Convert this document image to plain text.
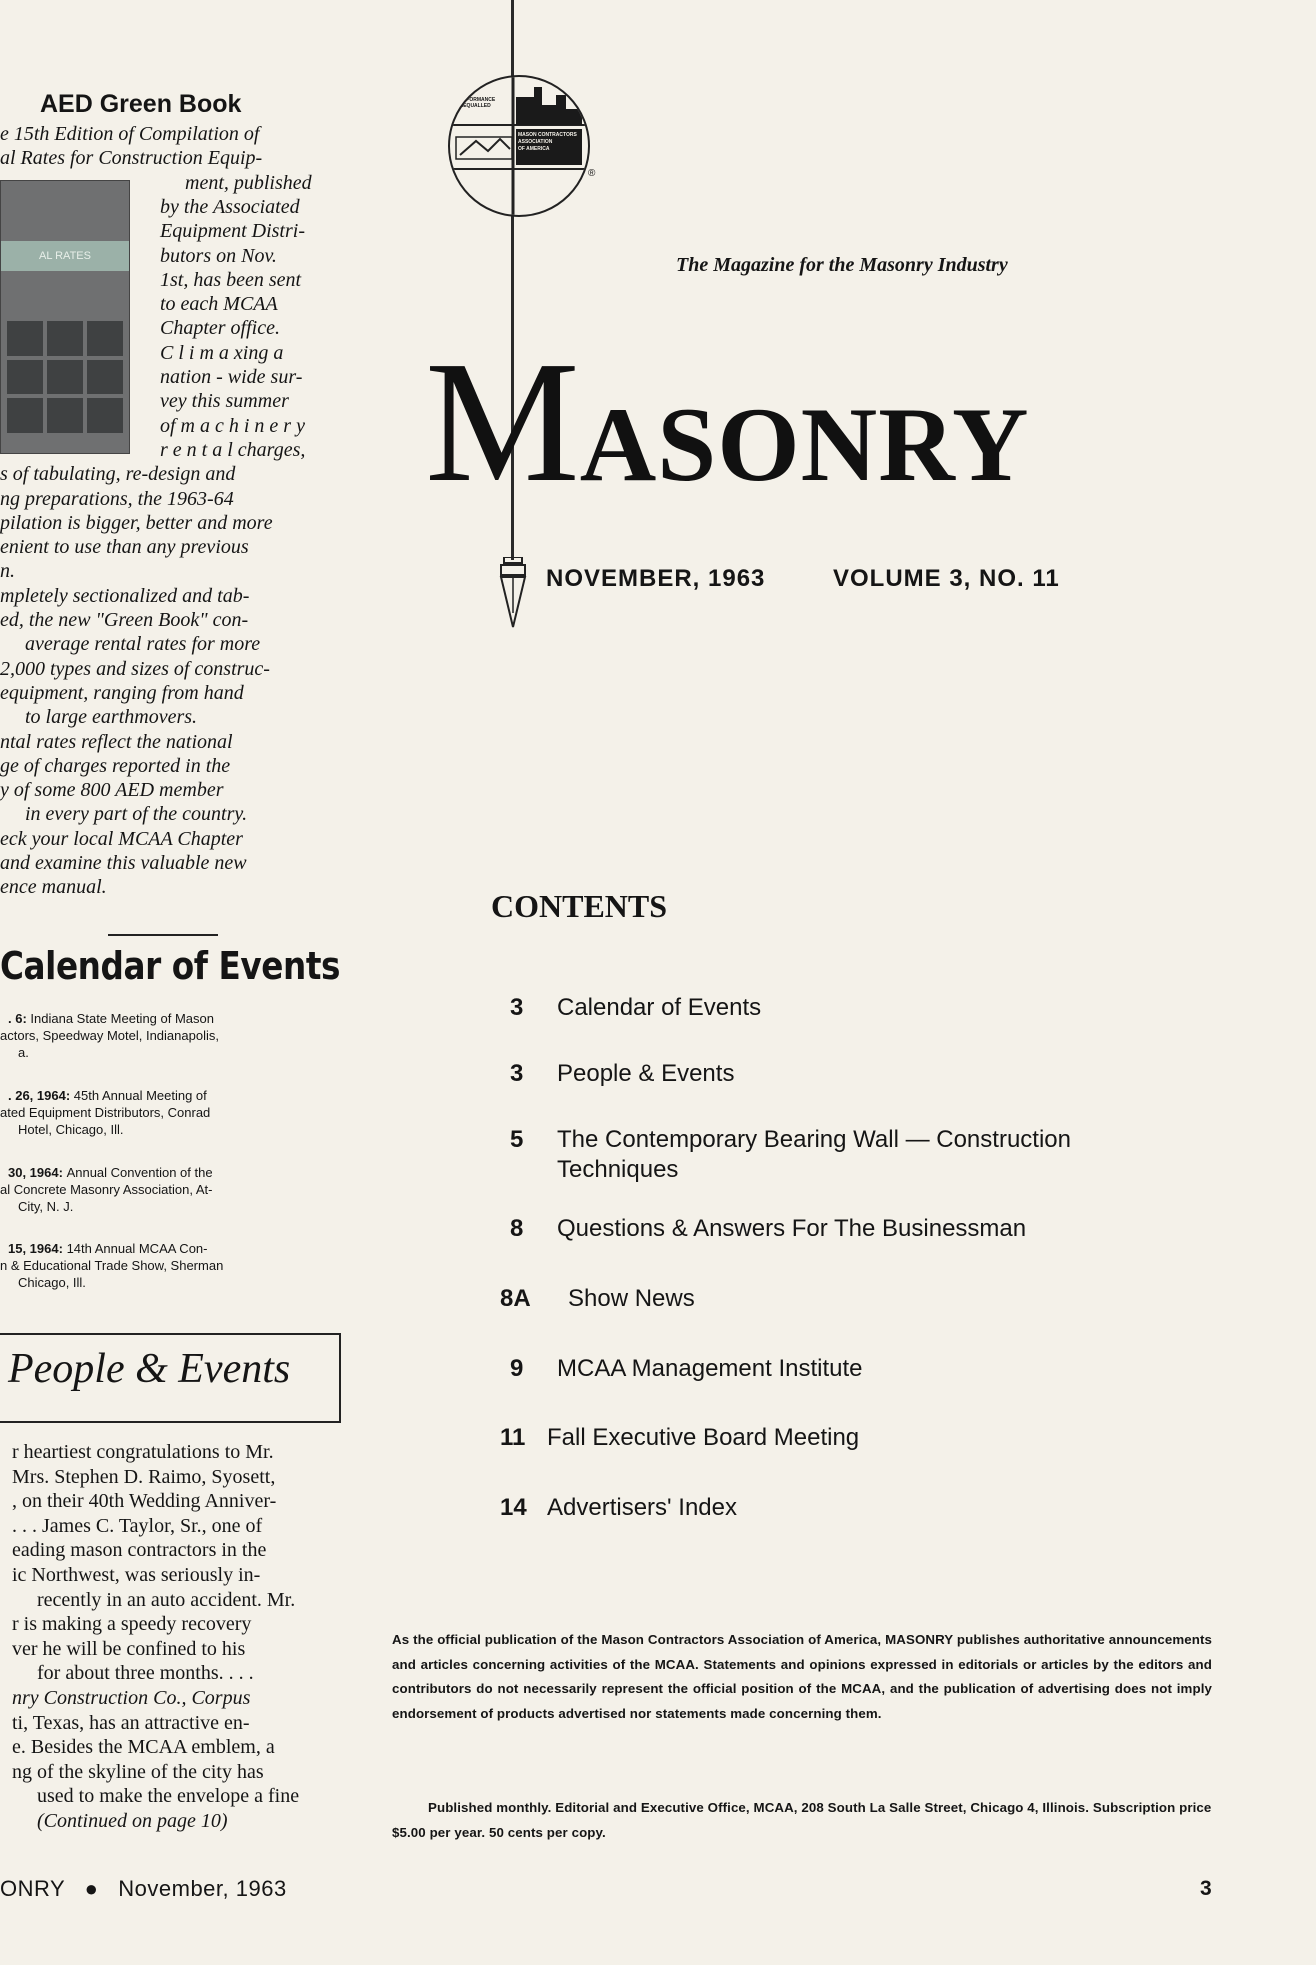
AED Green Book
AL RATES
e 15th Edition of Compilation of
al Rates for Construction Equip-
ment, published
by the Associated
Equipment Distri-
butors on Nov.
1st, has been sent
to each MCAA
Chapter office.
C l i m a xing a
nation - wide sur-
vey this summer
of m a c h i n e r y
r e n t a l charges,
s of tabulating, re-design and
ng preparations, the 1963-64
pilation is bigger, better and more
enient to use than any previous
n.
mpletely sectionalized and tab-
ed, the new "Green Book" con-
average rental rates for more
2,000 types and sizes of construc-
equipment, ranging from hand
to large earthmovers.
ntal rates reflect the national
ge of charges reported in the
y of some 800 AED member
in every part of the country.
eck your local MCAA Chapter
and examine this valuable new
ence manual.
Calendar of Events
. 6: Indiana State Meeting of Mason
actors, Speedway Motel, Indianapolis,
a.
. 26, 1964: 45th Annual Meeting of
ated Equipment Distributors, Conrad
Hotel, Chicago, Ill.
30, 1964: Annual Convention of the
al Concrete Masonry Association, At-
City, N. J.
15, 1964: 14th Annual MCAA Con-
n & Educational Trade Show, Sherman
Chicago, Ill.
People & Events
r heartiest congratulations to Mr.
Mrs. Stephen D. Raimo, Syosett,
, on their 40th Wedding Anniver-
. . . James C. Taylor, Sr., one of
eading mason contractors in the
ic Northwest, was seriously in-
recently in an auto accident. Mr.
r is making a speedy recovery
ver he will be confined to his
for about three months. . . .
nry Construction Co., Corpus
ti, Texas, has an attractive en-
e. Besides the MCAA emblem, a
ng of the skyline of the city has
used to make the envelope a fine
(Continued on page 10)
ONRY ● November, 1963
PERFORMANCE
UNEQUALLED
MASON CONTRACTORS
ASSOCIATION
OF AMERICA
®
The Magazine for the Masonry Industry
MASONRY
NOVEMBER, 1963	VOLUME 3, NO. 11
CONTENTS
3 Calendar of Events
3 People & Events
5 The Contemporary Bearing Wall — Construction Techniques
8 Questions & Answers For The Businessman
8A Show News
9 MCAA Management Institute
11 Fall Executive Board Meeting
14 Advertisers' Index
As the official publication of the Mason Contractors Association of America, MASONRY publishes authoritative announcements and articles concerning activities of the MCAA. Statements and opinions expressed in editorials or articles by the editors and contributors do not necessarily represent the official position of the MCAA, and the publication of advertising does not imply endorsement of products advertised nor statements made concerning them.
Published monthly. Editorial and Executive Office, MCAA, 208 South La Salle Street, Chicago 4, Illinois. Subscription price $5.00 per year. 50 cents per copy.
3
